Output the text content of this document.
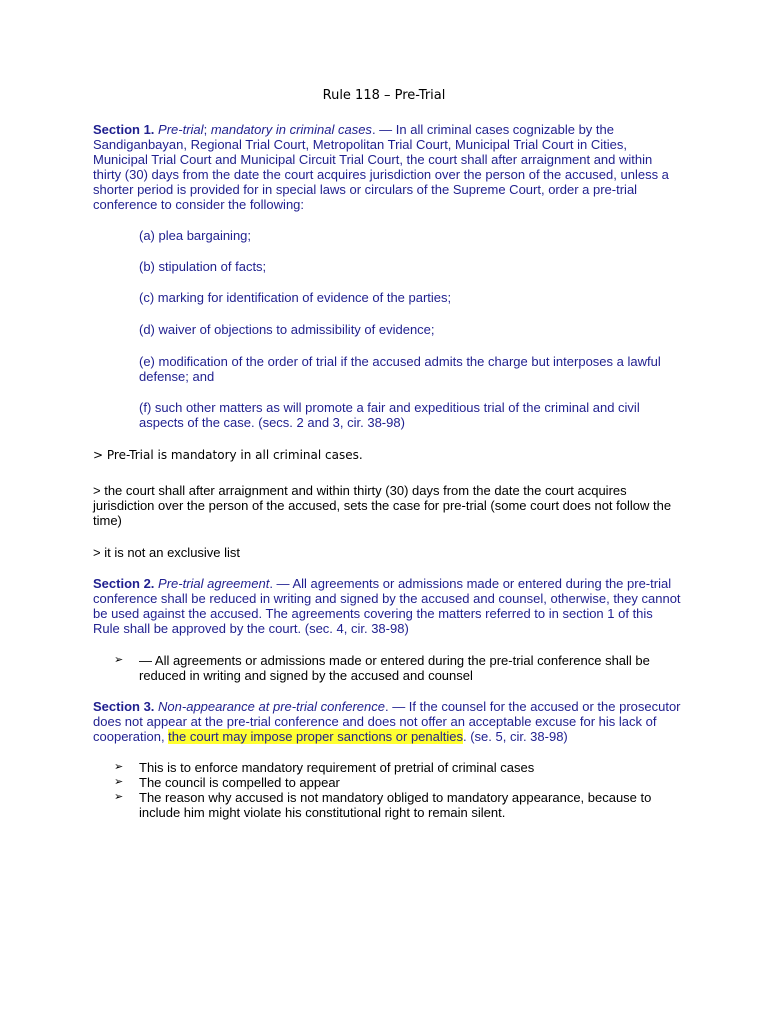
Rule 118 – Pre-Trial
Section 1. Pre-trial; mandatory in criminal cases. — In all criminal cases cognizable by the Sandiganbayan, Regional Trial Court, Metropolitan Trial Court, Municipal Trial Court in Cities, Municipal Trial Court and Municipal Circuit Trial Court, the court shall after arraignment and within thirty (30) days from the date the court acquires jurisdiction over the person of the accused, unless a shorter period is provided for in special laws or circulars of the Supreme Court, order a pre-trial conference to consider the following:
(a) plea bargaining;
(b) stipulation of facts;
(c) marking for identification of evidence of the parties;
(d) waiver of objections to admissibility of evidence;
(e) modification of the order of trial if the accused admits the charge but interposes a lawful defense; and
(f) such other matters as will promote a fair and expeditious trial of the criminal and civil aspects of the case. (secs. 2 and 3, cir. 38-98)
> Pre-Trial is mandatory in all criminal cases.
> the court shall after arraignment and within thirty (30) days from the date the court acquires jurisdiction over the person of the accused, sets the case for pre-trial (some court does not follow the time)
> it is not an exclusive list
Section 2. Pre-trial agreement. — All agreements or admissions made or entered during the pre-trial conference shall be reduced in writing and signed by the accused and counsel, otherwise, they cannot be used against the accused. The agreements covering the matters referred to in section 1 of this Rule shall be approved by the court. (sec. 4, cir. 38-98)
➢ — All agreements or admissions made or entered during the pre-trial conference shall be reduced in writing and signed by the accused and counsel
Section 3. Non-appearance at pre-trial conference. — If the counsel for the accused or the prosecutor does not appear at the pre-trial conference and does not offer an acceptable excuse for his lack of cooperation, the court may impose proper sanctions or penalties. (se. 5, cir. 38-98)
➢ This is to enforce mandatory requirement of pretrial of criminal cases
➢ The council is compelled to appear
➢ The reason why accused is not mandatory obliged to mandatory appearance, because to include him might violate his constitutional right to remain silent.
